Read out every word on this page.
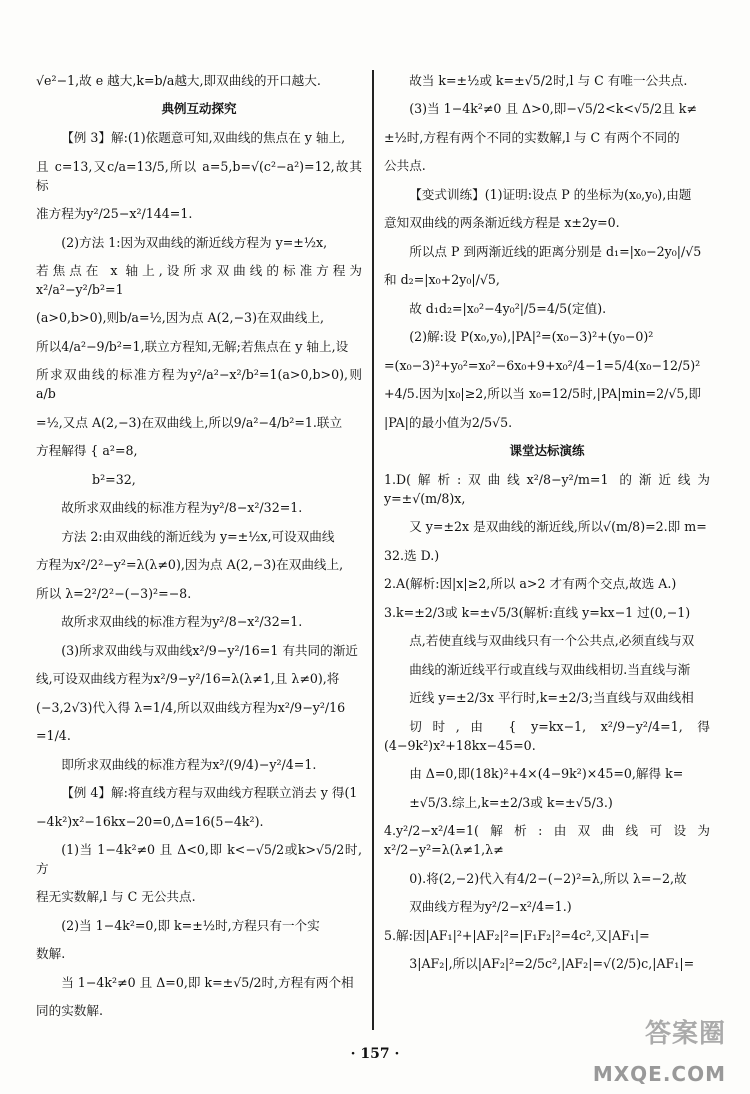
√e²−1,故 e 越大,k=b/a越大,即双曲线的开口越大.

典例互动探究

【例 3】解:(1)依题意可知,双曲线的焦点在 y 轴上,

且 c=13,又c/a=13/5,所以 a=5,b=√(c²−a²)=12,故其标

准方程为y²/25−x²/144=1.

(2)方法 1:因为双曲线的渐近线方程为 y=±½x,

若焦点在 x 轴上,设所求双曲线的标准方程为x²/a²−y²/b²=1

(a>0,b>0),则b/a=½,因为点 A(2,−3)在双曲线上,

所以4/a²−9/b²=1,联立方程知,无解;若焦点在 y 轴上,设

所求双曲线的标准方程为y²/a²−x²/b²=1(a>0,b>0),则a/b

=½,又点 A(2,−3)在双曲线上,所以9/a²−4/b²=1.联立

方程解得 { a²=8,

b²=32,

故所求双曲线的标准方程为y²/8−x²/32=1.

方法 2:由双曲线的渐近线为 y=±½x,可设双曲线

方程为x²/2²−y²=λ(λ≠0),因为点 A(2,−3)在双曲线上,

所以 λ=2²/2²−(−3)²=−8.

故所求双曲线的标准方程为y²/8−x²/32=1.

(3)所求双曲线与双曲线x²/9−y²/16=1 有共同的渐近

线,可设双曲线方程为x²/9−y²/16=λ(λ≠1,且 λ≠0),将

(−3,2√3)代入得 λ=1/4,所以双曲线方程为x²/9−y²/16

=1/4.

即所求双曲线的标准方程为x²/(9/4)−y²/4=1.

【例 4】解:将直线方程与双曲线方程联立消去 y 得(1

−4k²)x²−16kx−20=0,Δ=16(5−4k²).

(1)当 1−4k²≠0 且 Δ<0,即 k<−√5/2或k>√5/2时,方

程无实数解,l 与 C 无公共点.

(2)当 1−4k²=0,即 k=±½时,方程只有一个实

数解.

当 1−4k²≠0 且 Δ=0,即 k=±√5/2时,方程有两个相

同的实数解.

故当 k=±½或 k=±√5/2时,l 与 C 有唯一公共点.

(3)当 1−4k²≠0 且 Δ>0,即−√5/2<k<√5/2且 k≠

±½时,方程有两个不同的实数解,l 与 C 有两个不同的

公共点.

【变式训练】(1)证明:设点 P 的坐标为(x₀,y₀),由题

意知双曲线的两条渐近线方程是 x±2y=0.

所以点 P 到两渐近线的距离分别是 d₁=|x₀−2y₀|/√5

和 d₂=|x₀+2y₀|/√5,

故 d₁d₂=|x₀²−4y₀²|/5=4/5(定值).

(2)解:设 P(x₀,y₀),|PA|²=(x₀−3)²+(y₀−0)²

=(x₀−3)²+y₀²=x₀²−6x₀+9+x₀²/4−1=5/4(x₀−12/5)²

+4/5.因为|x₀|≥2,所以当 x₀=12/5时,|PA|min=2/√5,即

|PA|的最小值为2/5√5.

课堂达标演练

1.D(解析:双曲线x²/8−y²/m=1 的渐近线为 y=±√(m/8)x,

又 y=±2x 是双曲线的渐近线,所以√(m/8)=2.即 m=

32.选 D.)

2.A(解析:因|x|≥2,所以 a>2 才有两个交点,故选 A.)

3.k=±2/3或 k=±√5/3(解析:直线 y=kx−1 过(0,−1)

点,若使直线与双曲线只有一个公共点,必须直线与双

曲线的渐近线平行或直线与双曲线相切.当直线与渐

近线 y=±2/3x 平行时,k=±2/3;当直线与双曲线相

切时,由 { y=kx−1, x²/9−y²/4=1, 得(4−9k²)x²+18kx−45=0.

由 Δ=0,即(18k)²+4×(4−9k²)×45=0,解得 k=

±√5/3.综上,k=±2/3或 k=±√5/3.)

4.y²/2−x²/4=1(解析:由双曲线可设为x²/2−y²=λ(λ≠1,λ≠

0).将(2,−2)代入有4/2−(−2)²=λ,所以 λ=−2,故

双曲线方程为y²/2−x²/4=1.)

5.解:因|AF₁|²+|AF₂|²=|F₁F₂|²=4c²,又|AF₁|=

3|AF₂|,所以|AF₂|²=2/5c²,|AF₂|=√(2/5)c,|AF₁|=

· 157 ·
答案圈
MXQE.COM
